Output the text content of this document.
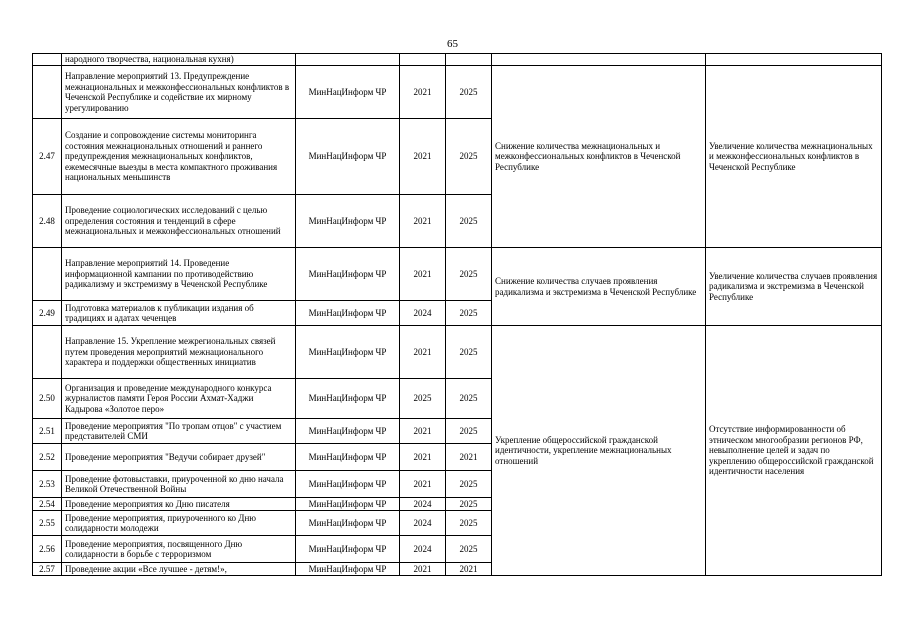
65
	народного творчества, национальная кухня)					
	Направление мероприятий 13. Предупреждение межнациональных и межконфессиональных конфликтов в Чеченской Республике и содействие их мирному урегулированию	МинНацИнформ ЧР	2021	2025	Снижение количества межнациональных и межконфессиональных конфликтов в Чеченской Республике	Увеличение количества межнациональных и межконфессиональных конфликтов в Чеченской Республике
2.47	Создание и сопровождение системы мониторинга состояния межнациональных отношений и раннего предупреждения межнациональных конфликтов, ежемесячные выезды в места компактного проживания национальных меньшинств	МинНацИнформ ЧР	2021	2025		
2.48	Проведение социологических исследований с целью определения состояния и тенденций в сфере межнациональных и межконфессиональных отношений	МинНацИнформ ЧР	2021	2025		
	Направление мероприятий 14. Проведение информационной кампании по противодействию радикализму и экстремизму в Чеченской Республике	МинНацИнформ ЧР	2021	2025	Снижение количества случаев проявления радикализма и экстремизма в Чеченской Республике	Увеличение количества случаев проявления радикализма и экстремизма в Чеченской Республике
2.49	Подготовка материалов к публикации издания об традициях и адатах чеченцев	МинНацИнформ ЧР	2024	2025		
	Направление 15. Укрепление межрегиональных связей путем проведения мероприятий межнационального характера и поддержки общественных инициатив	МинНацИнформ ЧР	2021	2025	Укрепление общероссийской гражданской идентичности, укрепление межнациональных отношений	Отсутствие информированности об этническом многообразии регионов РФ, невыполнение целей и задач по укреплению общероссийской гражданской идентичности населения
2.50	Организация и проведение международного конкурса журналистов памяти Героя России Ахмат-Хаджи Кадырова «Золотое перо»	МинНацИнформ ЧР	2025	2025		
2.51	Проведение мероприятия "По тропам отцов" с участием представителей СМИ	МинНацИнформ ЧР	2021	2025		
2.52	Проведение мероприятия "Ведучи собирает друзей"	МинНацИнформ ЧР	2021	2021		
2.53	Проведение фотовыставки, приуроченной ко дню начала Великой Отечественной Войны	МинНацИнформ ЧР	2021	2025		
2.54	Проведение мероприятия ко Дню писателя	МинНацИнформ ЧР	2024	2025		
2.55	Проведение мероприятия, приуроченного ко Дню солидарности молодежи	МинНацИнформ ЧР	2024	2025		
2.56	Проведение мероприятия, посвященного Дню солидарности в борьбе с терроризмом	МинНацИнформ ЧР	2024	2025		
2.57	Проведение акции «Все лучшее - детям!»,	МинНацИнформ ЧР	2021	2021		
